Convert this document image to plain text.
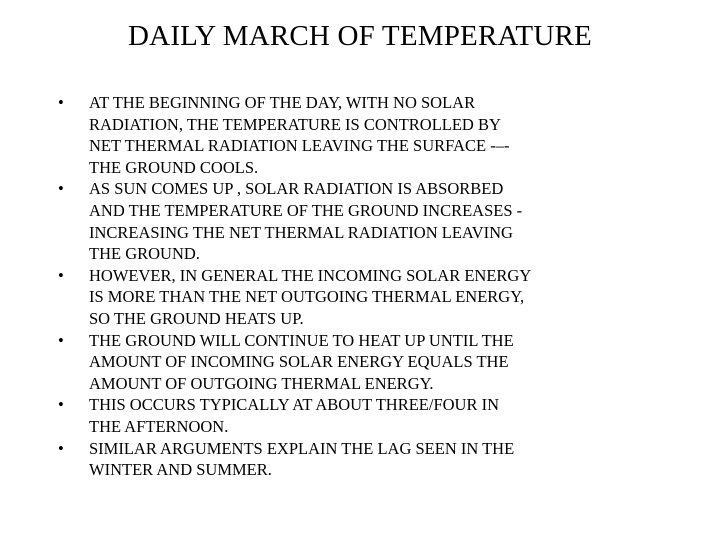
DAILY MARCH OF TEMPERATURE
•	AT THE BEGINNING OF THE DAY, WITH NO SOLAR
RADIATION, THE TEMPERATURE IS CONTROLLED BY
NET THERMAL RADIATION LEAVING THE SURFACE -–-
THE GROUND COOLS.
•	AS SUN COMES UP , SOLAR RADIATION IS ABSORBED
AND THE TEMPERATURE OF THE GROUND INCREASES -
INCREASING THE NET THERMAL RADIATION LEAVING
THE GROUND.
•	HOWEVER, IN GENERAL THE INCOMING SOLAR ENERGY
IS MORE THAN THE NET OUTGOING THERMAL ENERGY,
SO THE GROUND HEATS UP.
•	THE GROUND WILL CONTINUE TO HEAT UP UNTIL THE
AMOUNT OF INCOMING SOLAR ENERGY EQUALS THE
AMOUNT OF OUTGOING THERMAL ENERGY.
•	THIS OCCURS TYPICALLY AT ABOUT THREE/FOUR IN
THE AFTERNOON.
•	SIMILAR ARGUMENTS EXPLAIN THE LAG SEEN IN THE
WINTER AND SUMMER.
